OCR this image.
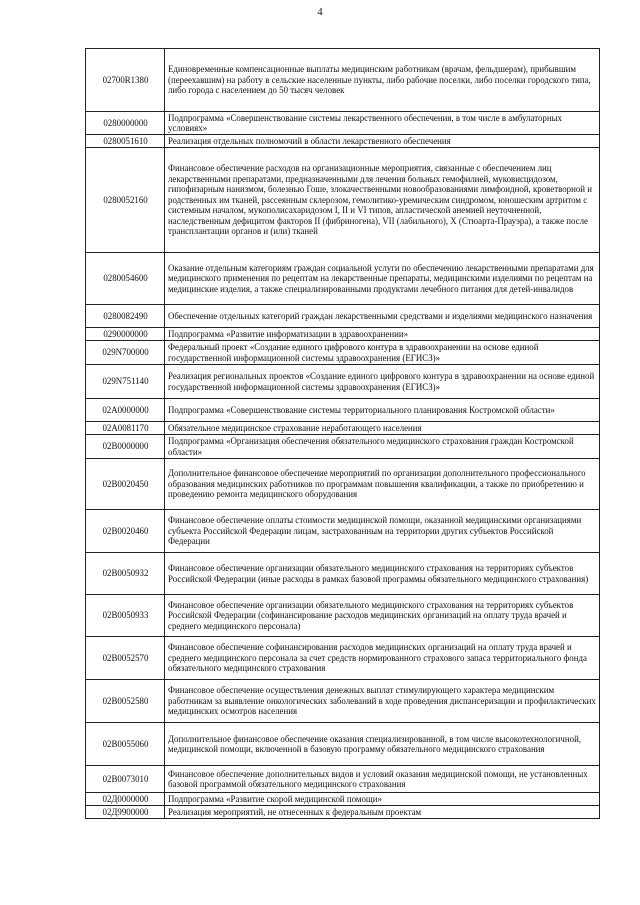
4
02700R1380	Единовременные компенсационные выплаты медицинским работникам (врачам, фельдшерам), прибывшим (переехавшим) на работу в сельские населенные пункты, либо рабочие поселки, либо поселки городского типа, либо города с населением до 50 тысяч человек
0280000000	Подпрограмма «Совершенствование системы лекарственного обеспечения, в том числе в амбулаторных условиях»
0280051610	Реализация отдельных полномочий в области лекарственного обеспечения
0280052160	Финансовое обеспечение расходов на организационные мероприятия, связанные с обеспечением лиц лекарственными препаратами, предназначенными для лечения больных гемофилией, муковисцидозом, гипофизарным нанизмом, болезнью Гоше, злокачественными новообразованиями лимфоидной, кроветворной и родственных им тканей, рассеянным склерозом, гемолитико-уремическим синдромом, юношеским артритом с системным началом, мукополисахаридозом I, II и VI типов, апластической анемией неуточненной, наследственным дефицитом факторов II (фибриногена), VII (лабильного), X (Стюарта-Прауэра), а также после трансплантации органов и (или) тканей
0280054600	Оказание отдельным категориям граждан социальной услуги по обеспечению лекарственными препаратами для медицинского применения по рецептам на лекарственные препараты, медицинскими изделиями по рецептам на медицинские изделия, а также специализированными продуктами лечебного питания для детей-инвалидов
0280082490	Обеспечение отдельных категорий граждан лекарственными средствами и изделиями медицинского назначения
0290000000	Подпрограмма «Развитие информатизации в здравоохранении»
029N700000	Федеральный проект «Создание единого цифрового контура в здравоохранении на основе единой государственной информационной системы здравоохранения (ЕГИСЗ)»
029N751140	Реализация региональных проектов «Создание единого цифрового контура в здравоохранении на основе единой государственной информационной системы здравоохранения (ЕГИСЗ)»
02A0000000	Подпрограмма «Совершенствование системы территориального планирования Костромской области»
02A0081170	Обязательное медицинское страхование неработающего населения
02B0000000	Подпрограмма «Организация обеспечения обязательного медицинского страхования граждан Костромской области»
02B0020450	Дополнительное финансовое обеспечение мероприятий по организации дополнительного профессионального образования медицинских работников по программам повышения квалификации, а также по приобретению и проведению ремонта медицинского оборудования
02B0020460	Финансовое обеспечение оплаты стоимости медицинской помощи, оказанной медицинскими организациями субъекта Российской Федерации лицам, застрахованным на территории других субъектов Российской Федерации
02B0050932	Финансовое обеспечение организации обязательного медицинского страхования на территориях субъектов Российской Федерации (иные расходы в рамках базовой программы обязательного медицинского страхования)
02B0050933	Финансовое обеспечение организации обязательного медицинского страхования на территориях субъектов Российской Федерации (софинансирование расходов медицинских организаций на оплату труда врачей и среднего медицинского персонала)
02B0052570	Финансовое обеспечение софинансирования расходов медицинских организаций на оплату труда врачей и среднего медицинского персонала за счет средств нормированного страхового запаса территориального фонда обязательного медицинского страхования
02B0052580	Финансовое обеспечение осуществления денежных выплат стимулирующего характера медицинским работникам за выявление онкологических заболеваний в ходе проведения диспансеризации и профилактических медицинских осмотров населения
02B0055060	Дополнительное финансовое обеспечение оказания специализированной, в том числе высокотехнологичной, медицинской помощи, включенной в базовую программу обязательного медицинского страхования
02B0073010	Финансовое обеспечение дополнительных видов и условий оказания медицинской помощи, не установленных базовой программой обязательного медицинского страхования
02Д0000000	Подпрограмма «Развитие скорой медицинской помощи»
02Д9900000	Реализация мероприятий, не отнесенных к федеральным проектам
